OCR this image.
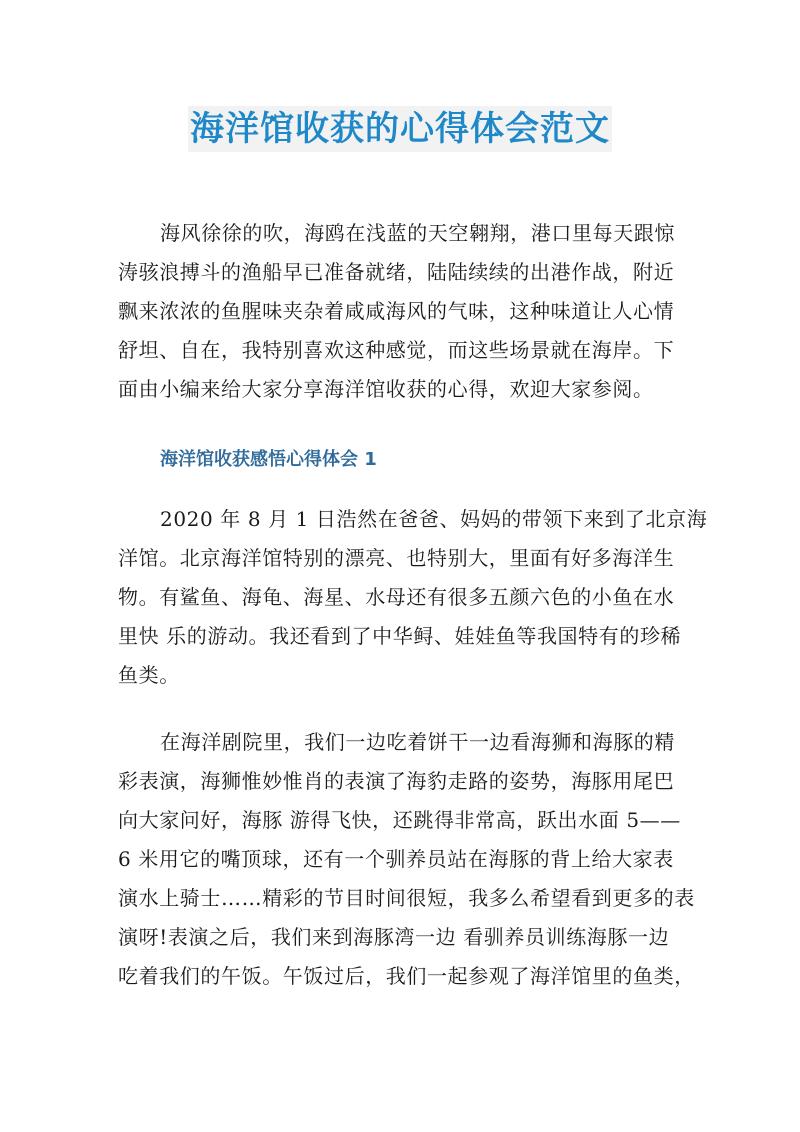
海洋馆收获的心得体会范文
海风徐徐的吹，海鸥在浅蓝的天空翱翔，港口里每天跟惊
涛骇浪搏斗的渔船早已准备就绪，陆陆续续的出港作战，附近
飘来浓浓的鱼腥味夹杂着咸咸海风的气味，这种味道让人心情
舒坦、自在，我特别喜欢这种感觉，而这些场景就在海岸。下
面由小编来给大家分享海洋馆收获的心得，欢迎大家参阅。
海洋馆收获感悟心得体会 1
2020 年 8 月 1 日浩然在爸爸、妈妈的带领下来到了北京海
洋馆。北京海洋馆特别的漂亮、也特别大，里面有好多海洋生
物。有鲨鱼、海龟、海星、水母还有很多五颜六色的小鱼在水
里快 乐的游动。我还看到了中华鲟、娃娃鱼等我国特有的珍稀
鱼类。
在海洋剧院里，我们一边吃着饼干一边看海狮和海豚的精
彩表演，海狮惟妙惟肖的表演了海豹走路的姿势，海豚用尾巴
向大家问好，海豚 游得飞快，还跳得非常高，跃出水面 5——
6 米用它的嘴顶球，还有一个驯养员站在海豚的背上给大家表
演水上骑士……精彩的节目时间很短，我多么希望看到更多的表
演呀!表演之后，我们来到海豚湾一边 看驯养员训练海豚一边
吃着我们的午饭。午饭过后，我们一起参观了海洋馆里的鱼类，
